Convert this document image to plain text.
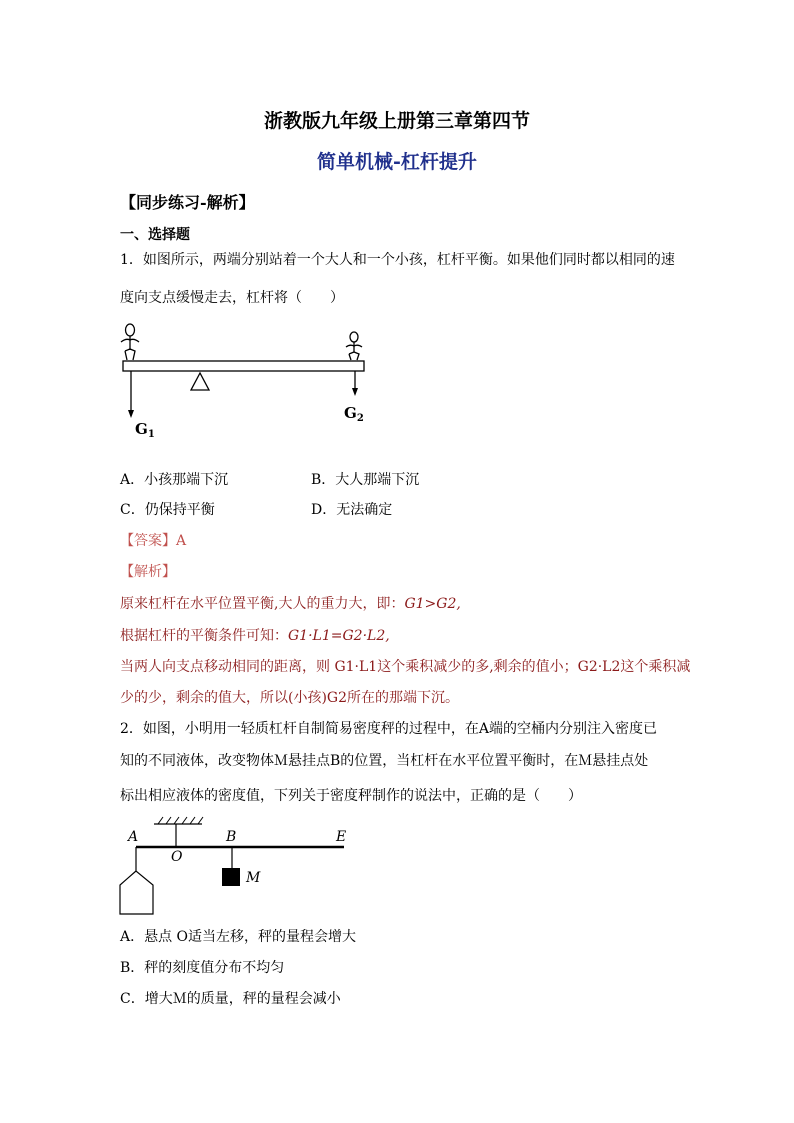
浙教版九年级上册第三章第四节
简单机械-杠杆提升
【同步练习-解析】
一、选择题
1．如图所示，两端分别站着一个大人和一个小孩，杠杆平衡。如果他们同时都以相同的速
度向支点缓慢走去，杠杆将（　　）
$G_1$
$G_2$
A．小孩那端下沉	B．大人那端下沉
C．仍保持平衡	D．无法确定
【答案】A
【解析】
原来杠杆在水平位置平衡,大人的重力大，即：G1>G2,
根据杠杆的平衡条件可知：G1·L1=G2·L2,
当两人向支点移动相同的距离，则 G1·L1这个乘积减少的多,剩余的值小；G2·L2这个乘积减
少的少，剩余的值大，所以(小孩)G2所在的那端下沉。
2．如图，小明用一轻质杠杆自制简易密度秤的过程中，在A端的空桶内分别注入密度已
知的不同液体，改变物体Ｍ悬挂点B的位置，当杠杆在水平位置平衡时，在Ｍ悬挂点处
标出相应液体的密度值，下列关于密度秤制作的说法中，正确的是（　　）
A
O
B	E
M
A．悬点 O适当左移，秤的量程会增大
B．秤的刻度值分布不均匀
C．增大Ｍ的质量，秤的量程会减小
